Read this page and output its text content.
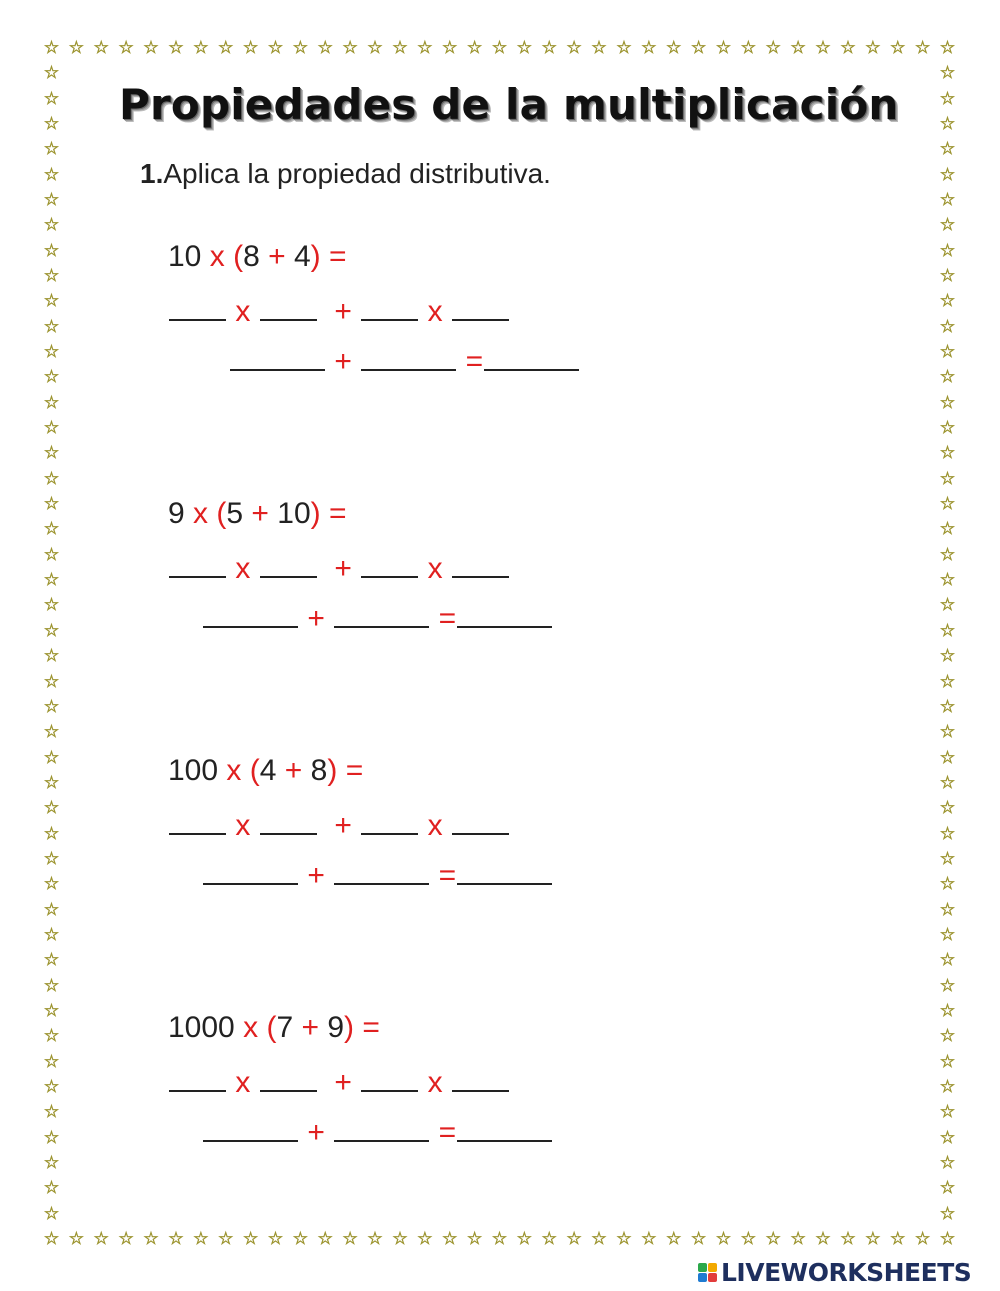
☆
☆
☆
☆
☆
☆
☆
☆
☆
☆
☆
☆
☆
☆
☆
☆
☆
☆
☆
☆
☆
☆
☆
☆
☆
☆
☆
☆
☆
☆
☆
☆
☆
☆
☆
☆
☆
☆
☆
☆
☆
☆
☆
☆
☆
☆
☆
☆
☆
☆
☆
☆
☆
☆
☆
☆
☆
☆
☆
☆
☆
☆
☆
☆
☆
☆
☆
☆
☆
☆
☆
☆
☆
☆
☆	☆
☆	☆
☆	☆
☆	☆
☆	☆
☆	☆
☆	☆
☆	☆
☆	☆
☆	☆
☆	☆
☆	☆
☆	☆
☆	☆
☆	☆
☆	☆
☆	☆
☆	☆
☆	☆
☆	☆
☆	☆
☆	☆
☆	☆
☆	☆
☆	☆
☆	☆
☆	☆
☆	☆
☆	☆
☆	☆
☆	☆
☆	☆
☆	☆
☆	☆
☆	☆
☆	☆
☆	☆
☆	☆
☆	☆
☆	☆
☆	☆
☆	☆
☆	☆
☆	☆
☆	☆
☆	☆
Propiedades de la multiplicación
1.Aplica la propiedad distributiva.
10 x (8 + 4) =
x	+	x
+	=
9 x (5 + 10) =
x	+	x
+	=
100 x (4 + 8) =
x	+	x
+	=
1000 x (7 + 9) =
x	+	x
+	=
LIVEWORKSHEETS
